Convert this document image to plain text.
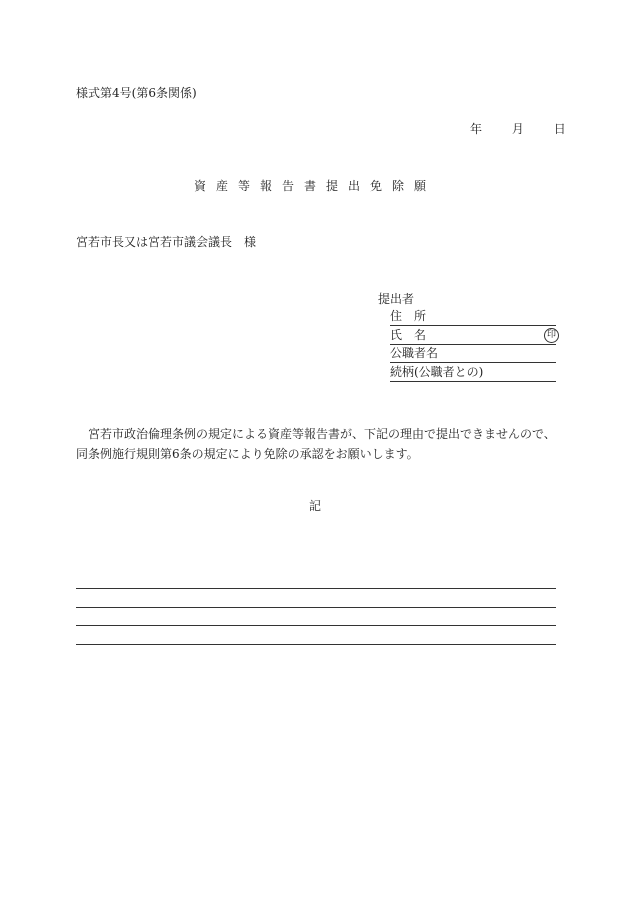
様式第4号(第6条関係)
年 月 日
資産等報告書提出免除願
宮若市長又は宮若市議会議長　様
提出者
住　所
氏　名	印
公職者名
続柄(公職者との)
宮若市政治倫理条例の規定による資産等報告書が、下記の理由で提出できませんので、
同条例施行規則第6条の規定により免除の承認をお願いします。
記
